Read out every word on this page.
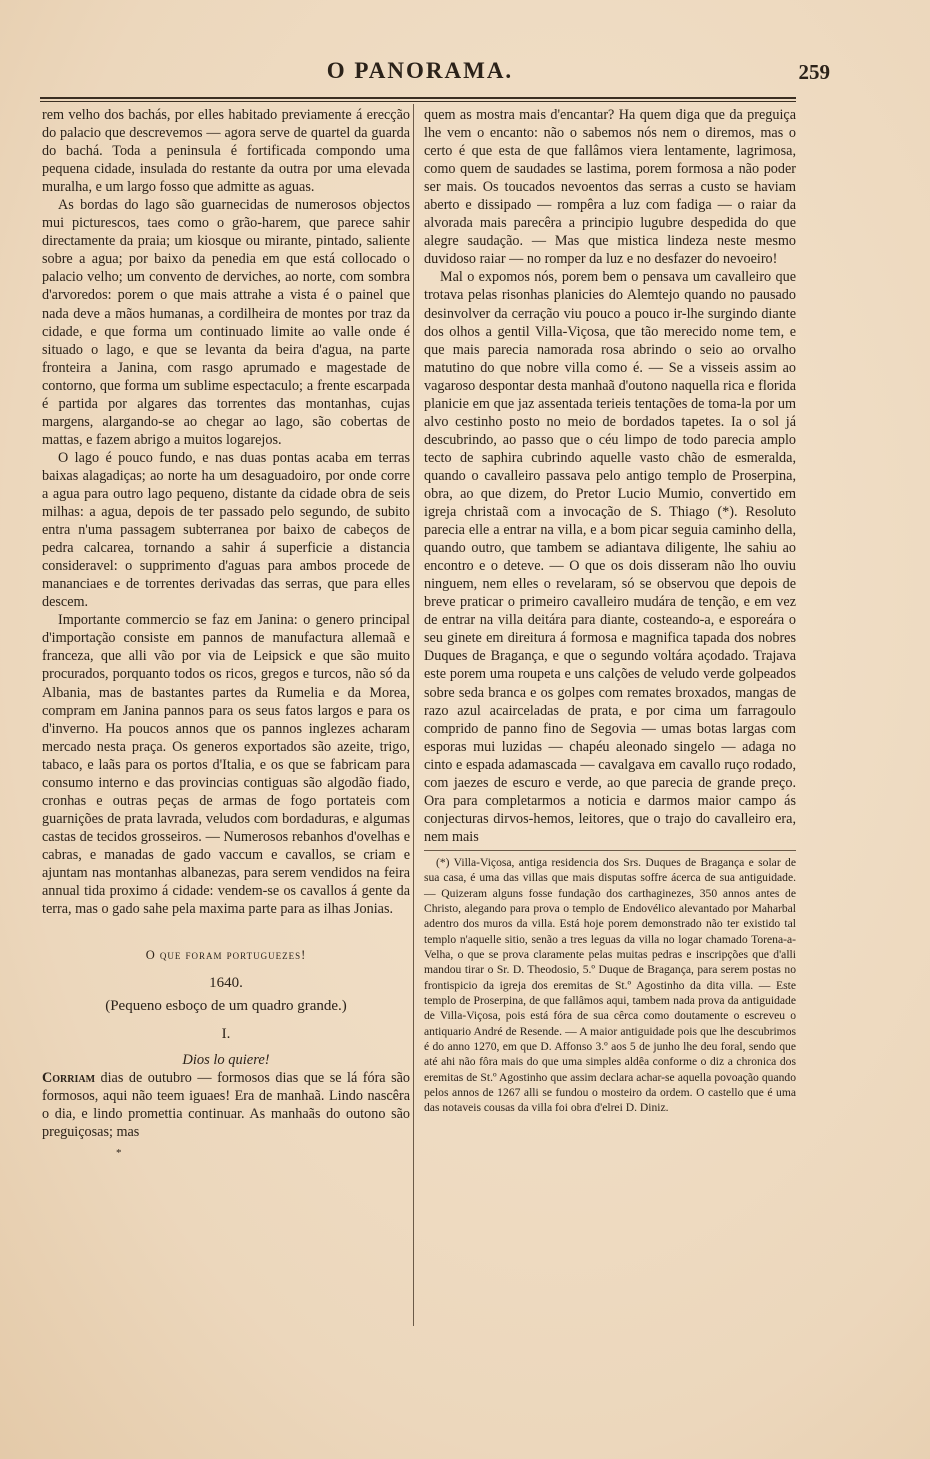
O PANORAMA.	259

rem velho dos bachás, por elles habitado previamente á erecção do palacio que descrevemos — agora serve de quartel da guarda do bachá. Toda a peninsula é fortificada compondo uma pequena cidade, insulada do restante da outra por uma elevada muralha, e um largo fosso que admitte as aguas.

As bordas do lago são guarnecidas de numerosos objectos mui picturescos, taes como o grão-harem, que parece sahir directamente da praia; um kiosque ou mirante, pintado, saliente sobre a agua; por baixo da penedia em que está collocado o palacio velho; um convento de derviches, ao norte, com sombra d'arvoredos: porem o que mais attrahe a vista é o painel que nada deve a mãos humanas, a cordilheira de montes por traz da cidade, e que forma um continuado limite ao valle onde é situado o lago, e que se levanta da beira d'agua, na parte fronteira a Janina, com rasgo aprumado e magestade de contorno, que forma um sublime espectaculo; a frente escarpada é partida por algares das torrentes das montanhas, cujas margens, alargando-se ao chegar ao lago, são cobertas de mattas, e fazem abrigo a muitos logarejos.

O lago é pouco fundo, e nas duas pontas acaba em terras baixas alagadiças; ao norte ha um desaguadoiro, por onde corre a agua para outro lago pequeno, distante da cidade obra de seis milhas: a agua, depois de ter passado pelo segundo, de subito entra n'uma passagem subterranea por baixo de cabeços de pedra calcarea, tornando a sahir á superficie a distancia consideravel: o supprimento d'aguas para ambos procede de mananciaes e de torrentes derivadas das serras, que para elles descem.

Importante commercio se faz em Janina: o genero principal d'importação consiste em pannos de manufactura allemaã e franceza, que alli vão por via de Leipsick e que são muito procurados, porquanto todos os ricos, gregos e turcos, não só da Albania, mas de bastantes partes da Rumelia e da Morea, compram em Janina pannos para os seus fatos largos e para os d'inverno. Ha poucos annos que os pannos inglezes acharam mercado nesta praça. Os generos exportados são azeite, trigo, tabaco, e laãs para os portos d'Italia, e os que se fabricam para consumo interno e das provincias contiguas são algodão fiado, cronhas e outras peças de armas de fogo portateis com guarnições de prata lavrada, veludos com bordaduras, e algumas castas de tecidos grosseiros. — Numerosos rebanhos d'ovelhas e cabras, e manadas de gado vaccum e cavallos, se criam e ajuntam nas montanhas albanezas, para serem vendidos na feira annual tida proximo á cidade: vendem-se os cavallos á gente da terra, mas o gado sahe pela maxima parte para as ilhas Jonias.

O que foram portuguezes!
1640.
(Pequeno esboço de um quadro grande.)
I.
Dios lo quiere!

Corriam dias de outubro — formosos dias que se lá fóra são formosos, aqui não teem iguaes! Era de manhaã. Lindo nascêra o dia, e lindo promettia continuar. As manhaãs do outono são preguiçosas; mas

*

quem as mostra mais d'encantar? Ha quem diga que da preguiça lhe vem o encanto: não o sabemos nós nem o diremos, mas o certo é que esta de que fallâmos viera lentamente, lagrimosa, como quem de saudades se lastima, porem formosa a não poder ser mais. Os toucados nevoentos das serras a custo se haviam aberto e dissipado — rompêra a luz com fadiga — o raiar da alvorada mais parecêra a principio lugubre despedida do que alegre saudação. — Mas que mistica lindeza neste mesmo duvidoso raiar — no romper da luz e no desfazer do nevoeiro!

Mal o expomos nós, porem bem o pensava um cavalleiro que trotava pelas risonhas planicies do Alemtejo quando no pausado desinvolver da cerração viu pouco a pouco ir-lhe surgindo diante dos olhos a gentil Villa-Viçosa, que tão merecido nome tem, e que mais parecia namorada rosa abrindo o seio ao orvalho matutino do que nobre villa como é. — Se a visseis assim ao vagaroso despontar desta manhaã d'outono naquella rica e florida planicie em que jaz assentada terieis tentações de toma-la por um alvo cestinho posto no meio de bordados tapetes. Ia o sol já descubrindo, ao passo que o céu limpo de todo parecia amplo tecto de saphira cubrindo aquelle vasto chão de esmeralda, quando o cavalleiro passava pelo antigo templo de Proserpina, obra, ao que dizem, do Pretor Lucio Mumio, convertido em igreja christaã com a invocação de S. Thiago (*). Resoluto parecia elle a entrar na villa, e a bom picar seguia caminho della, quando outro, que tambem se adiantava diligente, lhe sahiu ao encontro e o deteve. — O que os dois disseram não lho ouviu ninguem, nem elles o revelaram, só se observou que depois de breve praticar o primeiro cavalleiro mudára de tenção, e em vez de entrar na villa deitára para diante, costeando-a, e esporeára o seu ginete em direitura á formosa e magnifica tapada dos nobres Duques de Bragança, e que o segundo voltára açodado. Trajava este porem uma roupeta e uns calções de veludo verde golpeados sobre seda branca e os golpes com remates broxados, mangas de razo azul acairceladas de prata, e por cima um farragoulo comprido de panno fino de Segovia — umas botas largas com esporas mui luzidas — chapéu aleonado singelo — adaga no cinto e espada adamascada — cavalgava em cavallo ruço rodado, com jaezes de escuro e verde, ao que parecia de grande preço. Ora para completarmos a noticia e darmos maior campo ás conjecturas dirvos-hemos, leitores, que o trajo do cavalleiro era, nem mais

(*) Villa-Viçosa, antiga residencia dos Srs. Duques de Bragança e solar de sua casa, é uma das villas que mais disputas soffre ácerca de sua antiguidade. — Quizeram alguns fosse fundação dos carthaginezes, 350 annos antes de Christo, alegando para prova o templo de Endovélico alevantado por Maharbal adentro dos muros da villa. Está hoje porem demonstrado não ter existido tal templo n'aquelle sitio, senão a tres leguas da villa no logar chamado Torena-a-Velha, o que se prova claramente pelas muitas pedras e inscripções que d'alli mandou tirar o Sr. D. Theodosio, 5.º Duque de Bragança, para serem postas no frontispicio da igreja dos eremitas de St.º Agostinho da dita villa. — Este templo de Proserpina, de que fallâmos aqui, tambem nada prova da antiguidade de Villa-Viçosa, pois está fóra de sua cêrca como doutamente o escreveu o antiquario André de Resende. — A maior antiguidade pois que lhe descubrimos é do anno 1270, em que D. Affonso 3.º aos 5 de junho lhe deu foral, sendo que até ahi não fôra mais do que uma simples aldêa conforme o diz a chronica dos eremitas de St.º Agostinho que assim declara achar-se aquella povoação quando pelos annos de 1267 alli se fundou o mosteiro da ordem. O castello que é uma das notaveis cousas da villa foi obra d'elrei D. Diniz.
